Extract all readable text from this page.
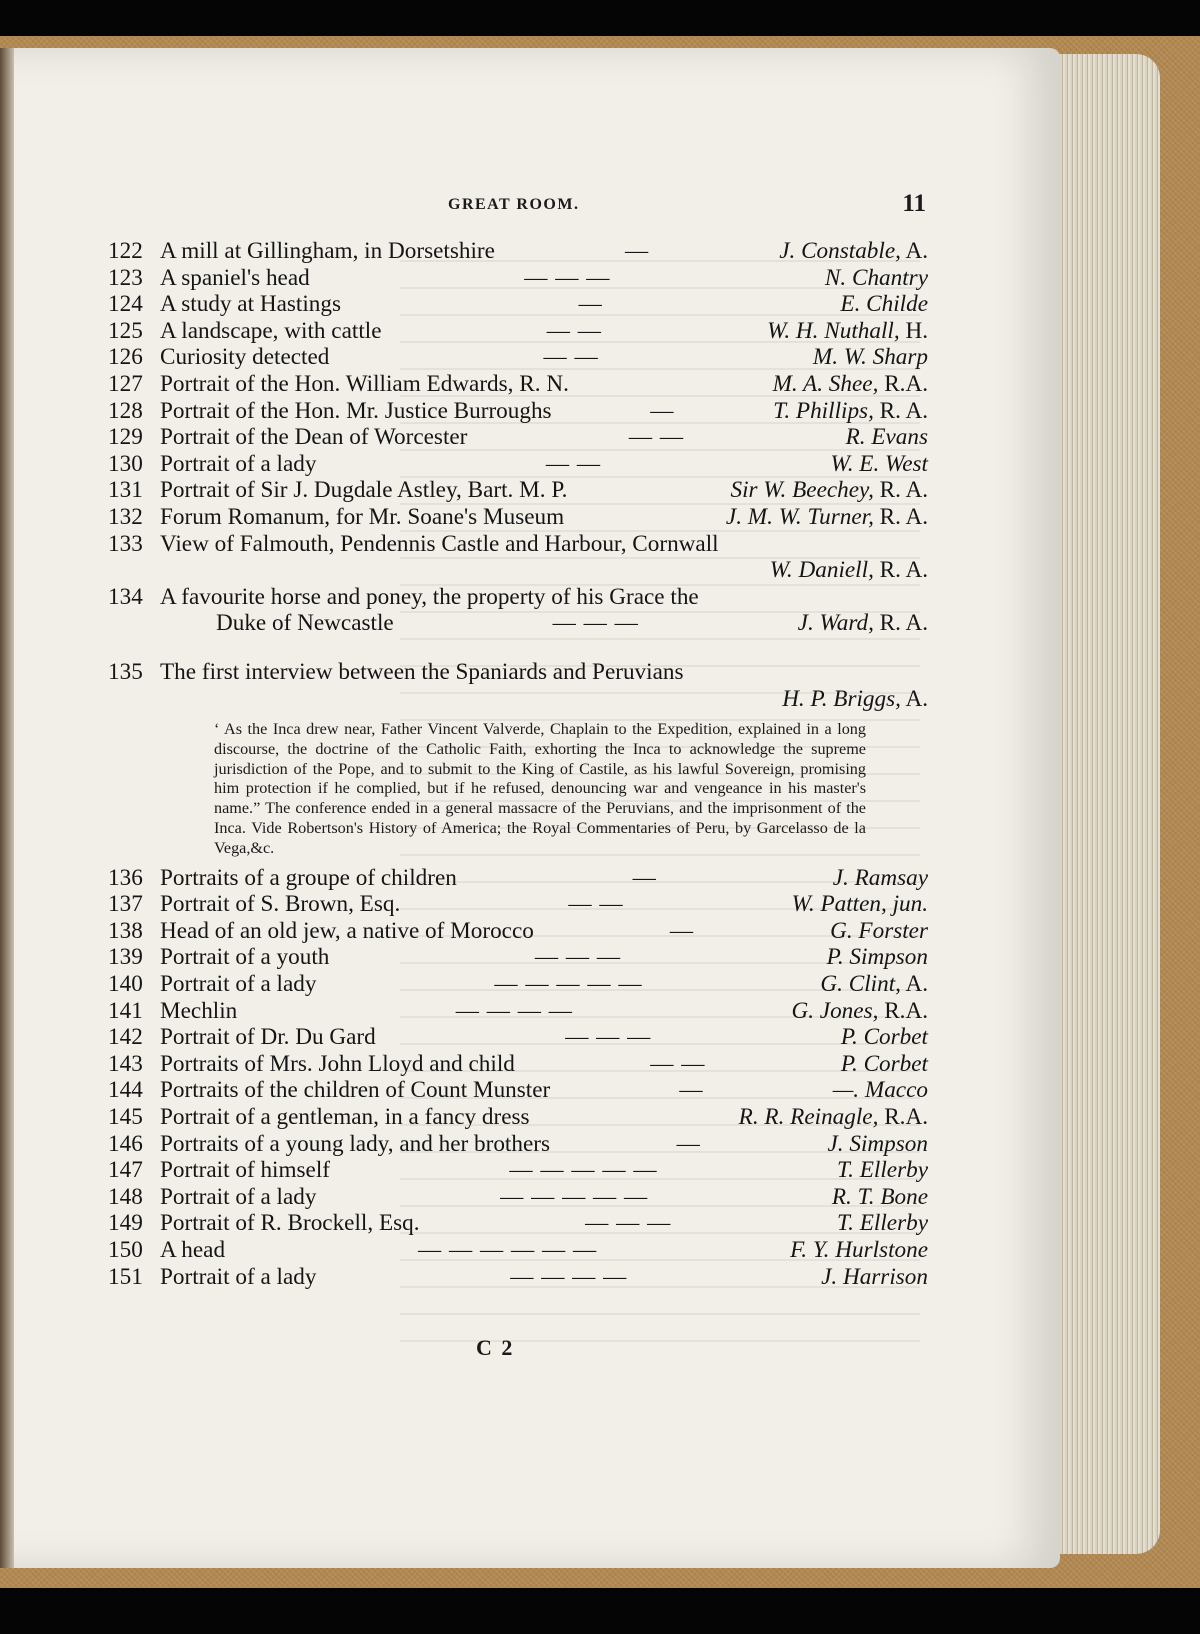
GREAT ROOM.	11
122 A mill at Gillingham, in Dorsetshire	—	J. Constable, A.
123 A spaniel's head	— — —	N. Chantry
124 A study at Hastings	—	E. Childe
125 A landscape, with cattle	— —	W. H. Nuthall, H.
126 Curiosity detected	— —	M. W. Sharp
127 Portrait of the Hon. William Edwards, R. N.	M. A. Shee, R.A.
128 Portrait of the Hon. Mr. Justice Burroughs	—	T. Phillips, R. A.
129 Portrait of the Dean of Worcester	— —	R. Evans
130 Portrait of a lady	— —	W. E. West
131 Portrait of Sir J. Dugdale Astley, Bart. M. P.	Sir W. Beechey, R. A.
132 Forum Romanum, for Mr. Soane's Museum	J. M. W. Turner, R. A.
133 View of Falmouth, Pendennis Castle and Harbour, Cornwall
W. Daniell, R. A.
134 A favourite horse and poney, the property of his Grace the
Duke of Newcastle	— — —	J. Ward, R. A.
135 The first interview between the Spaniards and Peruvians
H. P. Briggs, A.
‘ As the Inca drew near, Father Vincent Valverde, Chaplain to the Expedition, explained in a long discourse, the doctrine of the Catholic Faith, exhorting the Inca to acknowledge the supreme jurisdiction of the Pope, and to submit to the King of Castile, as his lawful Sovereign, promising him protection if he complied, but if he refused, denouncing war and vengeance in his master's name.” The conference ended in a general massacre of the Peruvians, and the imprisonment of the Inca. Vide Robertson's History of America; the Royal Commentaries of Peru, by Garcelasso de la Vega,&c.
136 Portraits of a groupe of children	—	J. Ramsay
137 Portrait of S. Brown, Esq.	— —	W. Patten, jun.
138 Head of an old jew, a native of Morocco	—	G. Forster
139 Portrait of a youth	— — —	P. Simpson
140 Portrait of a lady	— — — — —	G. Clint, A.
141 Mechlin	— — — —	G. Jones, R.A.
142 Portrait of Dr. Du Gard	— — —	P. Corbet
143 Portraits of Mrs. John Lloyd and child	— —	P. Corbet
144 Portraits of the children of Count Munster	—	—. Macco
145 Portrait of a gentleman, in a fancy dress	R. R. Reinagle, R.A.
146 Portraits of a young lady, and her brothers	—	J. Simpson
147 Portrait of himself	— — — — —	T. Ellerby
148 Portrait of a lady	— — — — —	R. T. Bone
149 Portrait of R. Brockell, Esq.	— — —	T. Ellerby
150 A head	— — — — — —	F. Y. Hurlstone
151 Portrait of a lady	— — — —	J. Harrison
C 2
